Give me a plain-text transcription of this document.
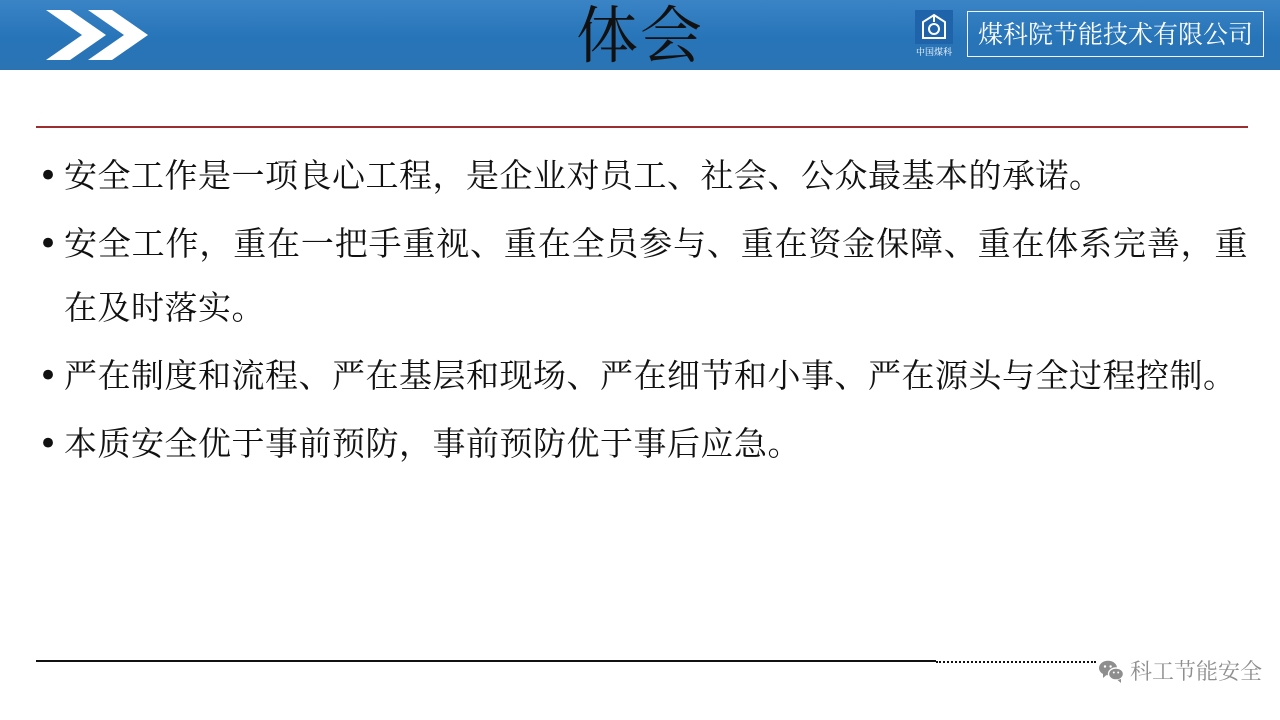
体会	中国煤科
煤科院节能技术有限公司
• 安全工作是一项良心工程，是企业对员工、社会、公众最基本的承诺。
• 安全工作，重在一把手重视、重在全员参与、重在资金保障、重在体系完善，重在及时落实。
• 严在制度和流程、严在基层和现场、严在细节和小事、严在源头与全过程控制。
• 本质安全优于事前预防，事前预防优于事后应急。
科工节能安全
